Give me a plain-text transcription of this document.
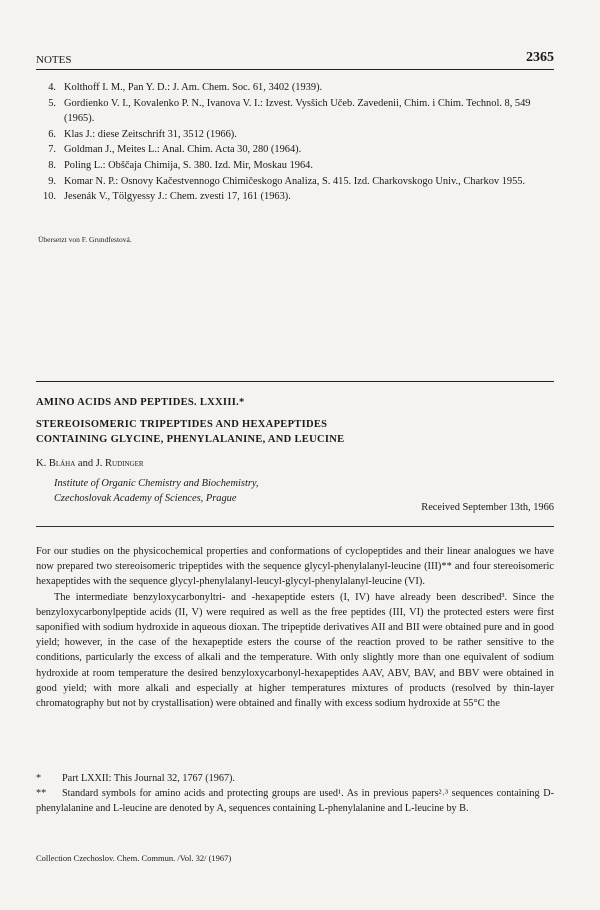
NOTES	2365
4. Kolthoff I. M., Pan Y. D.: J. Am. Chem. Soc. 61, 3402 (1939).
5. Gordienko V. I., Kovalenko P. N., Ivanova V. I.: Izvest. Vysšich Učeb. Zavedenii, Chim. i Chim. Technol. 8, 549 (1965).
6. Klas J.: diese Zeitschrift 31, 3512 (1966).
7. Goldman J., Meites L.: Anal. Chim. Acta 30, 280 (1964).
8. Poling L.: Obščaja Chimija, S. 380. Izd. Mir, Moskau 1964.
9. Komar N. P.: Osnovy Kačestvennogo Chimičeskogo Analiza, S. 415. Izd. Charkovskogo Univ., Charkov 1955.
10. Jesenák V., Tölgyessy J.: Chem. zvesti 17, 161 (1963).
Übersetzt von F. Grundfestová.
AMINO ACIDS AND PEPTIDES. LXXIII.*
STEREOISOMERIC TRIPEPTIDES AND HEXAPEPTIDES
CONTAINING GLYCINE, PHENYLALANINE, AND LEUCINE
K. Bláha and J. Rudinger
Institute of Organic Chemistry and Biochemistry,
Czechoslovak Academy of Sciences, Prague
Received September 13th, 1966

For our studies on the physicochemical properties and conformations of cyclopeptides and their linear analogues we have now prepared two stereoisomeric tripeptides with the sequence glycyl-phenylalanyl-leucine (III)** and four stereoisomeric hexapeptides with the sequence glycyl-phenylalanyl-leucyl-glycyl-phenylalanyl-leucine (VI).

The intermediate benzyloxycarbonyltri- and -hexapeptide esters (I, IV) have already been described³. Since the benzyloxycarbonylpeptide acids (II, V) were required as well as the free peptides (III, VI) the protected esters were first saponified with sodium hydroxide in aqueous dioxan. The tripeptide derivatives AII and BII were obtained pure and in good yield; however, in the case of the hexapeptide esters the course of the reaction proved to be rather sensitive to the conditions, particularly the excess of alkali and the temperature. With only slightly more than one equivalent of sodium hydroxide at room temperature the desired benzyloxycarbonyl-hexapeptides AAV, ABV, BAV, and BBV were obtained in good yield; with more alkali and especially at higher temperatures mixtures of products (resolved by thin-layer chromatography but not by crystallisation) were obtained and finally with excess sodium hydroxide at 55°C the

* Part LXXII: This Journal 32, 1767 (1967).

** Standard symbols for amino acids and protecting groups are used¹. As in previous papers²˒³ sequences containing D-phenylalanine and L-leucine are denoted by A, sequences containing L-phenylalanine and L-leucine by B.

Collection Czechoslov. Chem. Commun. /Vol. 32/ (1967)
